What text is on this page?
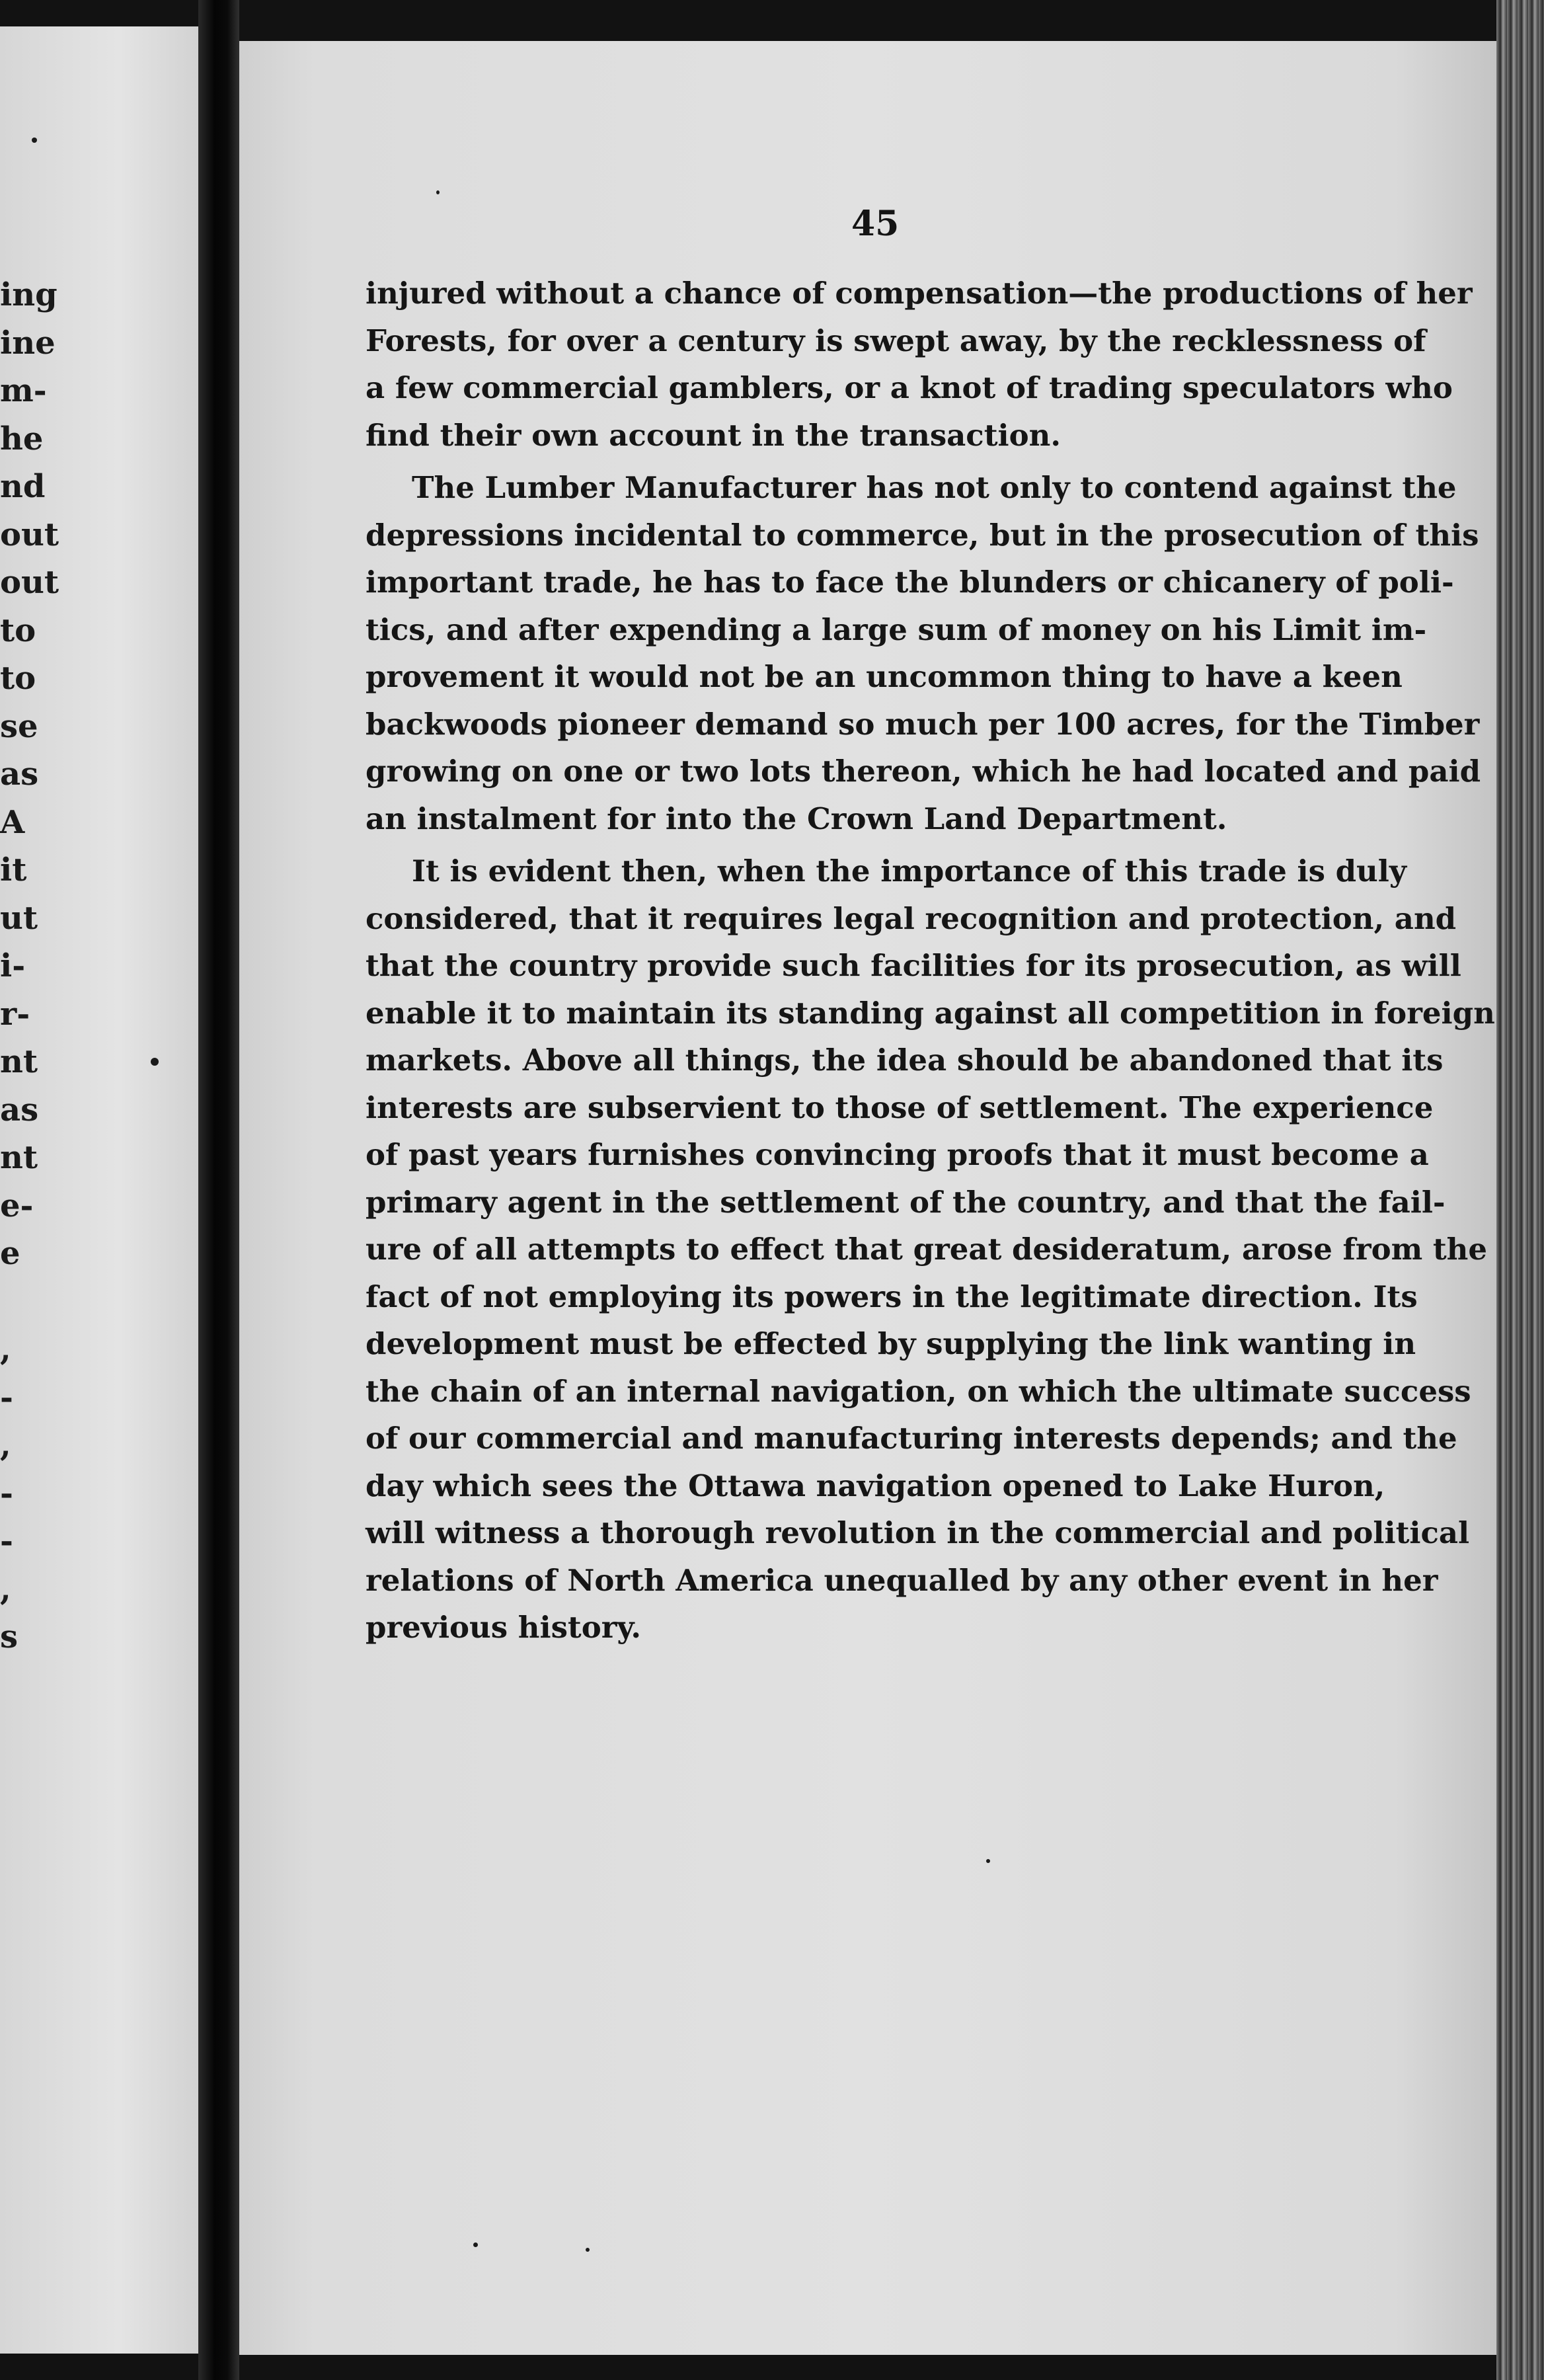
ing
ine
m-
he
nd
out
out
to
to
se
as
A
it
ut
i-
r-
nt
as
nt
e-
e
,
-
,
-
-
,
s
45
injured without a chance of compensation—the productions of her
Forests, for over a century is swept away, by the recklessness of
a few commercial gamblers, or a knot of trading speculators who
find their own account in the transaction.
The Lumber Manufacturer has not only to contend against the
depressions incidental to commerce, but in the prosecution of this
important trade, he has to face the blunders or chicanery of poli-
tics, and after expending a large sum of money on his Limit im-
provement it would not be an uncommon thing to have a keen
backwoods pioneer demand so much per 100 acres, for the Timber
growing on one or two lots thereon, which he had located and paid
an instalment for into the Crown Land Department.
It is evident then, when the importance of this trade is duly
considered, that it requires legal recognition and protection, and
that the country provide such facilities for its prosecution, as will
enable it to maintain its standing against all competition in foreign
markets. Above all things, the idea should be abandoned that its
interests are subservient to those of settlement. The experience
of past years furnishes convincing proofs that it must become a
primary agent in the settlement of the country, and that the fail-
ure of all attempts to effect that great desideratum, arose from the
fact of not employing its powers in the legitimate direction. Its
development must be effected by supplying the link wanting in
the chain of an internal navigation, on which the ultimate success
of our commercial and manufacturing interests depends; and the
day which sees the Ottawa navigation opened to Lake Huron,
will witness a thorough revolution in the commercial and political
relations of North America unequalled by any other event in her
previous history.
